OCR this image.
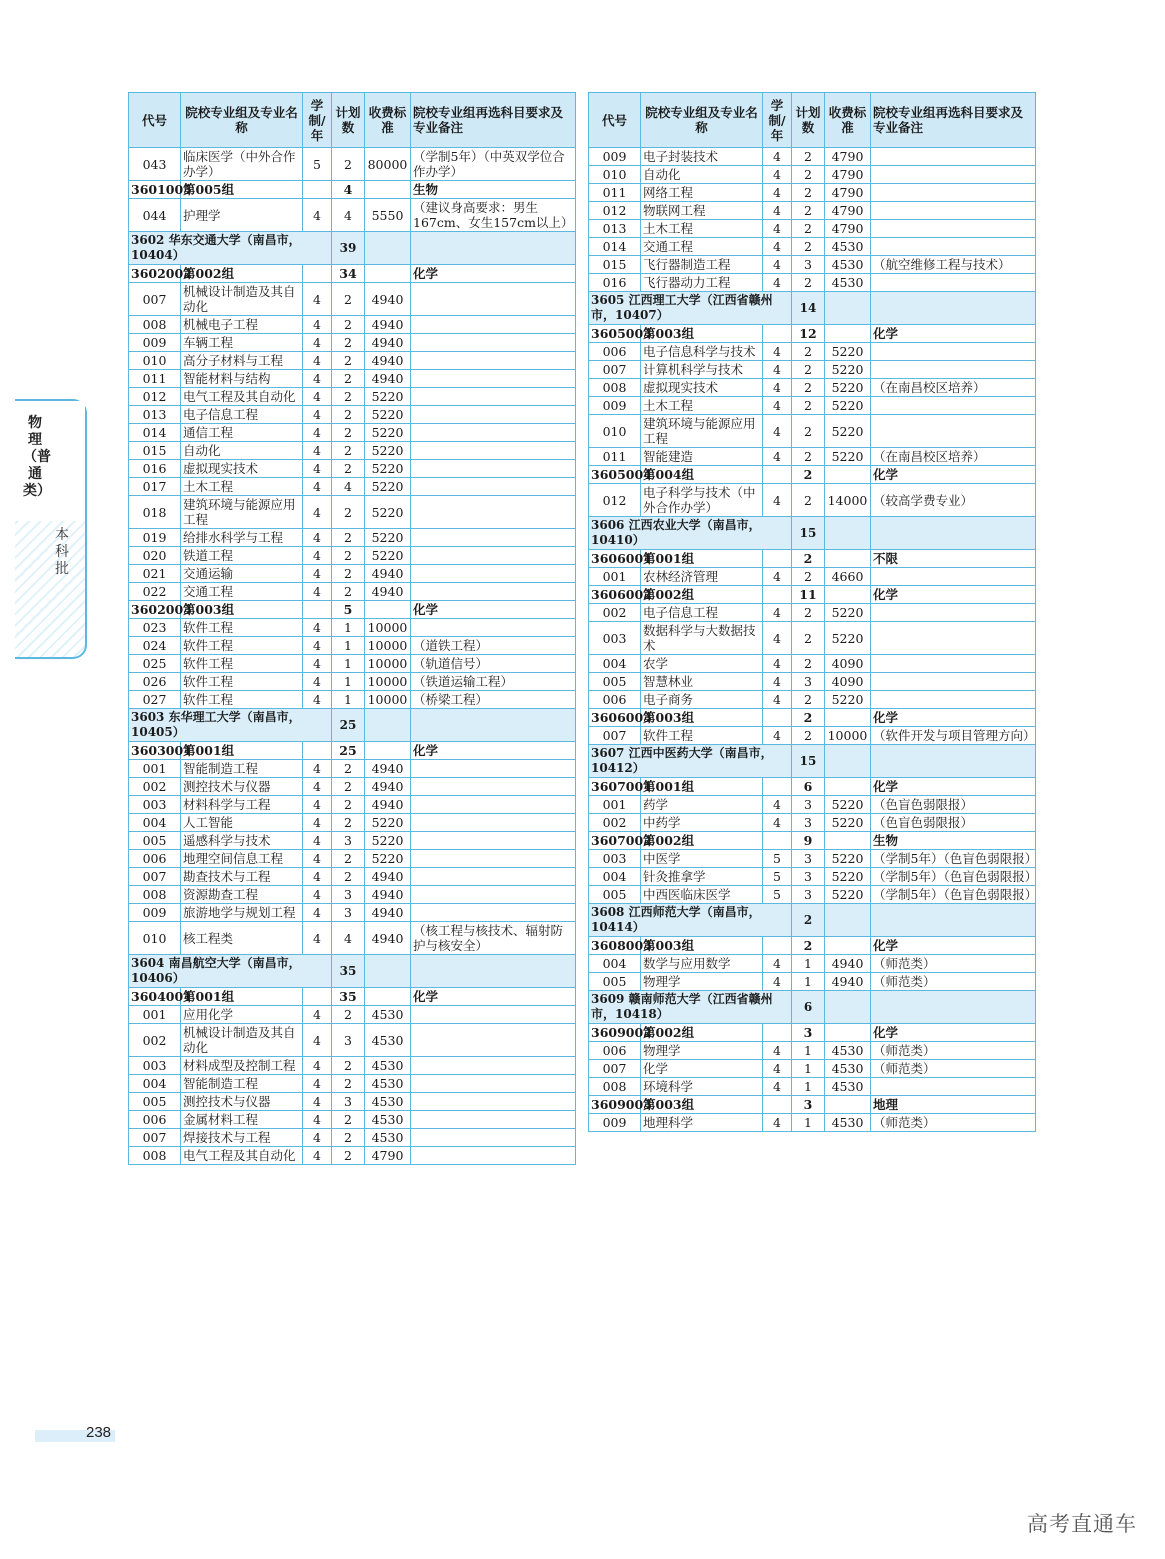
物理（普通类）
本科批
代号	院校专业组及专业名称	学制/年	计划数	收费标准	院校专业组再选科目要求及专业备注
043	临床医学（中外合作办学）	5	2	80000	（学制5年）（中英双学位合作办学）
3601005	第005组		4		生物
044	护理学	4	4	5550	（建议身高要求：男生167cm、女生157cm以上）
3602 华东交通大学（南昌市，10404）			39		
3602002	第002组		34		化学
007	机械设计制造及其自动化	4	2	4940	
008	机械电子工程	4	2	4940	
009	车辆工程	4	2	4940	
010	高分子材料与工程	4	2	4940	
011	智能材料与结构	4	2	4940	
012	电气工程及其自动化	4	2	5220	
013	电子信息工程	4	2	5220	
014	通信工程	4	2	5220	
015	自动化	4	2	5220	
016	虚拟现实技术	4	2	5220	
017	土木工程	4	4	5220	
018	建筑环境与能源应用工程	4	2	5220	
019	给排水科学与工程	4	2	5220	
020	铁道工程	4	2	5220	
021	交通运输	4	2	4940	
022	交通工程	4	2	4940	
3602003	第003组		5		化学
023	软件工程	4	1	10000	
024	软件工程	4	1	10000	（道铁工程）
025	软件工程	4	1	10000	（轨道信号）
026	软件工程	4	1	10000	（铁道运输工程）
027	软件工程	4	1	10000	（桥梁工程）
3603 东华理工大学（南昌市，10405）			25		
3603001	第001组		25		化学
001	智能制造工程	4	2	4940	
002	测控技术与仪器	4	2	4940	
003	材料科学与工程	4	2	4940	
004	人工智能	4	2	5220	
005	遥感科学与技术	4	3	5220	
006	地理空间信息工程	4	2	5220	
007	勘查技术与工程	4	2	4940	
008	资源勘查工程	4	3	4940	
009	旅游地学与规划工程	4	3	4940	
010	核工程类	4	4	4940	（核工程与核技术、辐射防护与核安全）
3604 南昌航空大学（南昌市，10406）			35		
3604001	第001组		35		化学
001	应用化学	4	2	4530	
002	机械设计制造及其自动化	4	3	4530	
003	材料成型及控制工程	4	2	4530	
004	智能制造工程	4	2	4530	
005	测控技术与仪器	4	3	4530	
006	金属材料工程	4	2	4530	
007	焊接技术与工程	4	2	4530	
008	电气工程及其自动化	4	2	4790	
代号	院校专业组及专业名称	学制/年	计划数	收费标准	院校专业组再选科目要求及专业备注
009	电子封装技术	4	2	4790	
010	自动化	4	2	4790	
011	网络工程	4	2	4790	
012	物联网工程	4	2	4790	
013	土木工程	4	2	4790	
014	交通工程	4	2	4530	
015	飞行器制造工程	4	3	4530	（航空维修工程与技术）
016	飞行器动力工程	4	2	4530	
3605 江西理工大学（江西省赣州市，10407）			14		
3605003	第003组		12		化学
006	电子信息科学与技术	4	2	5220	
007	计算机科学与技术	4	2	5220	
008	虚拟现实技术	4	2	5220	（在南昌校区培养）
009	土木工程	4	2	5220	
010	建筑环境与能源应用工程	4	2	5220	
011	智能建造	4	2	5220	（在南昌校区培养）
3605004	第004组		2		化学
012	电子科学与技术（中外合作办学）	4	2	14000	（较高学费专业）
3606 江西农业大学（南昌市，10410）			15		
3606001	第001组		2		不限
001	农林经济管理	4	2	4660	
3606002	第002组		11		化学
002	电子信息工程	4	2	5220	
003	数据科学与大数据技术	4	2	5220	
004	农学	4	2	4090	
005	智慧林业	4	3	4090	
006	电子商务	4	2	5220	
3606003	第003组		2		化学
007	软件工程	4	2	10000	（软件开发与项目管理方向）
3607 江西中医药大学（南昌市，10412）			15		
3607001	第001组		6		化学
001	药学	4	3	5220	（色盲色弱限报）
002	中药学	4	3	5220	（色盲色弱限报）
3607002	第002组		9		生物
003	中医学	5	3	5220	（学制5年）（色盲色弱限报）
004	针灸推拿学	5	3	5220	（学制5年）（色盲色弱限报）
005	中西医临床医学	5	3	5220	（学制5年）（色盲色弱限报）
3608 江西师范大学（南昌市，10414）			2		
3608003	第003组		2		化学
004	数学与应用数学	4	1	4940	（师范类）
005	物理学	4	1	4940	（师范类）
3609 赣南师范大学（江西省赣州市，10418）			6		
3609002	第002组		3		化学
006	物理学	4	1	4530	（师范类）
007	化学	4	1	4530	（师范类）
008	环境科学	4	1	4530	
3609003	第003组		3		地理
009	地理科学	4	1	4530	（师范类）
238
高考直通车
